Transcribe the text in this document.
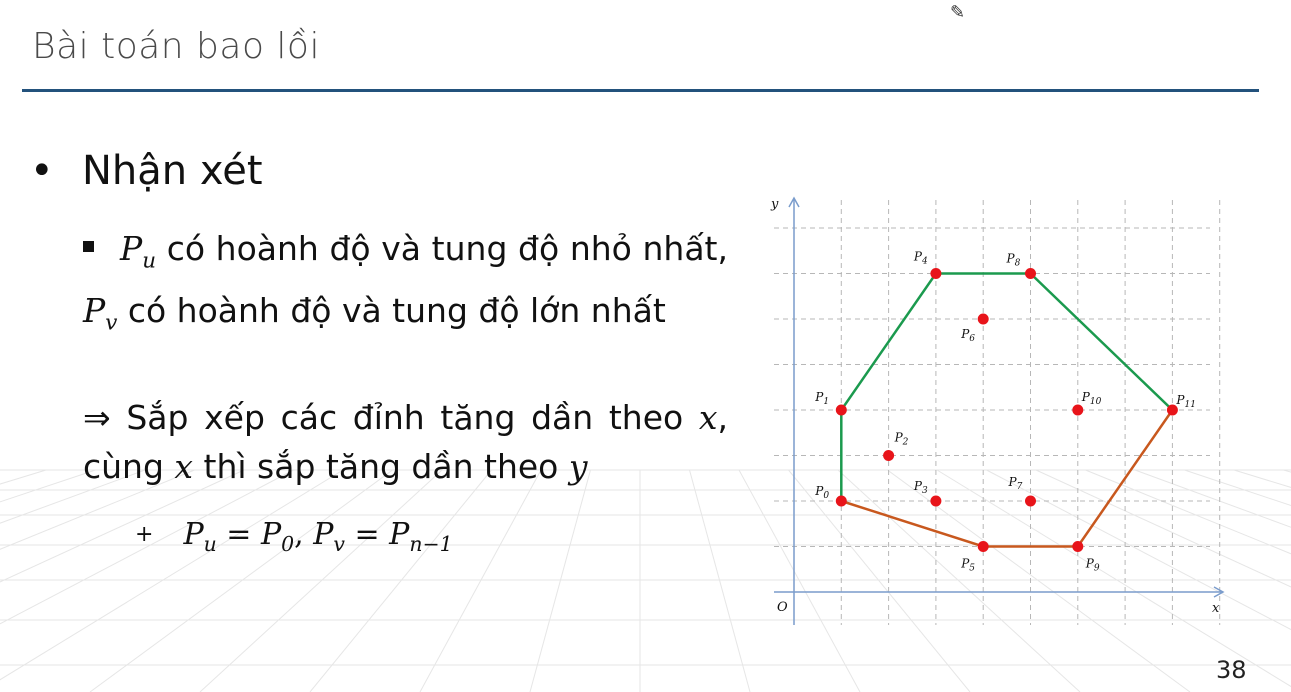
✎
Bài toán bao lồi
• Nhận xét
$P_u$ có hoành độ và tung độ nhỏ nhất, $P_v$ có hoành độ và tung độ lớn nhất
⇒ Sắp xếp các đỉnh tăng dần theo x, cùng x thì sắp tăng dần theo y
+ $P_u = P_0$, $P_v = P_{n-1}$
y
x
O
$P_0$
$P_1$
$P_2$
$P_3$
$P_4$
$P_5$
$P_6$
$P_7$
$P_8$
$P_9$
$P_{10}$	$P_{11}$
38
